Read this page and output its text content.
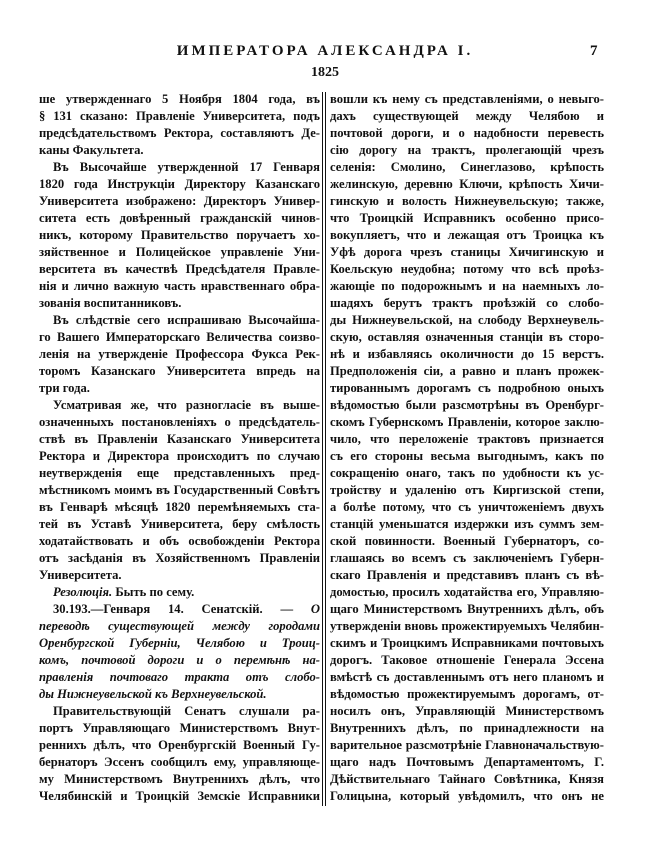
ИМПЕРАТОРА АЛЕКСАНДРА I.	7
1825
ше утвержденнаго 5 Ноября 1804 года, въ
§ 131 сказано: Правленіе Университета, подъ
предсѣдательствомъ Ректора, составляютъ Де-
каны Факультета.
Въ Высочайше утвержденной 17 Генваря
1820 года Инструкціи Директору Казанскаго
Университета изображено: Директоръ Универ-
ситета есть довѣренный гражданскій чинов-
никъ, которому Правительство поручаетъ хо-
зяйственное и Полицейское управленіе Уни-
верситета въ качествѣ Предсѣдателя Правле-
нія и лично важную часть нравственнаго обра-
зованія воспитанниковъ.
Въ слѣдствіе сего испрашиваю Высочайша-
го Вашего Императорскаго Величества соизво-
ленія на утвержденіе Профессора Фукса Рек-
торомъ Казанскаго Университета впредь на
три года.
Усматривая же, что разногласіе въ выше-
означенныхъ постановленіяхъ о предсѣдатель-
ствѣ въ Правленіи Казанскаго Университета
Ректора и Директора происходитъ по случаю
неутвержденія еще представленныхъ пред-
мѣстникомъ моимъ въ Государственный Совѣтъ
въ Генварѣ мѣсяцѣ 1820 перемѣняемыхъ ста-
тей въ Уставѣ Университета, беру смѣлость
ходатайствовать и объ освобожденіи Ректора
отъ засѣданія въ Хозяйственномъ Правленіи
Университета.
Резолюція. Быть по сему.
30.193.—Генваря 14. Сенатскій. — О
переводѣ существующей между городами
Оренбургской Губерніи, Челябою и Троиц-
комъ, почтовой дороги и о перемѣнѣ на-
правленія почтоваго тракта отъ слобо-
ды Нижнеувельской къ Верхнеувельской.
Правительствующій Сенатъ слушали ра-
портъ Управляющаго Министерствомъ Внут-
реннихъ дѣлъ, что Оренбургскій Военный Гу-
бернаторъ Эссенъ сообщилъ ему, управляюще-
му Министерствомъ Внутреннихъ дѣлъ, что
Челябинскій и Троицкій Земскіе Исправники
вошли къ нему съ представленіями, о невыго-
дахъ существующей между Челябою и
почтовой дороги, и о надобности перевесть
сію дорогу на трактъ, пролегающій чрезъ
селенія: Смолино, Синеглазово, крѣпость
желинскую, деревню Ключи, крѣпость Хичи-
гинскую и волость Нижнеувельскую; также,
что Троицкій Исправникъ особенно присо-
вокупляетъ, что и лежащая отъ Троицка къ
Уфѣ дорога чрезъ станицы Хичигинскую и
Коельскую неудобна; потому что всѣ проѣз-
жающіе по подорожнымъ и на наемныхъ ло-
шадяхъ берутъ трактъ проѣзжій со слобо-
ды Нижнеувельской, на слободу Верхнеувель-
скую, оставляя означенныя станціи въ сторо-
нѣ и избавляясь околичности до 15 верстъ.
Предположенія сіи, а равно и планъ прожек-
тированнымъ дорогамъ съ подробною оныхъ
вѣдомостью были разсмотрѣны въ Оренбург-
скомъ Губернскомъ Правленіи, которое заклю-
чило, что переложеніе трактовъ признается
съ его стороны весьма выгоднымъ, какъ по
сокращенію онаго, такъ по удобности къ ус-
тройству и удаленію отъ Киргизской степи,
а болѣе потому, что съ уничтоженіемъ двухъ
станцій уменьшатся издержки изъ суммъ зем-
ской повинности. Военный Губернаторъ, со-
глашаясь во всемъ съ заключеніемъ Губерн-
скаго Правленія и представивъ планъ съ вѣ-
домостью, просилъ ходатайства его, Управляю-
щаго Министерствомъ Внутреннихъ дѣлъ, объ
утвержденіи вновь прожектируемыхъ Челябин-
скимъ и Троицкимъ Исправниками почтовыхъ
дорогъ. Таковое отношеніе Генерала Эссена
вмѣстѣ съ доставленнымъ отъ него планомъ и
вѣдомостью прожектируемымъ дорогамъ, от-
носилъ онъ, Управляющій Министерствомъ
Внутреннихъ дѣлъ, по принадлежности на
варительное разсмотрѣніе Главноначальствую-
щаго надъ Почтовымъ Департаментомъ, Г.
Дѣйствительнаго Тайнаго Совѣтника, Князя
Голицына, который увѣдомилъ, что онъ не
